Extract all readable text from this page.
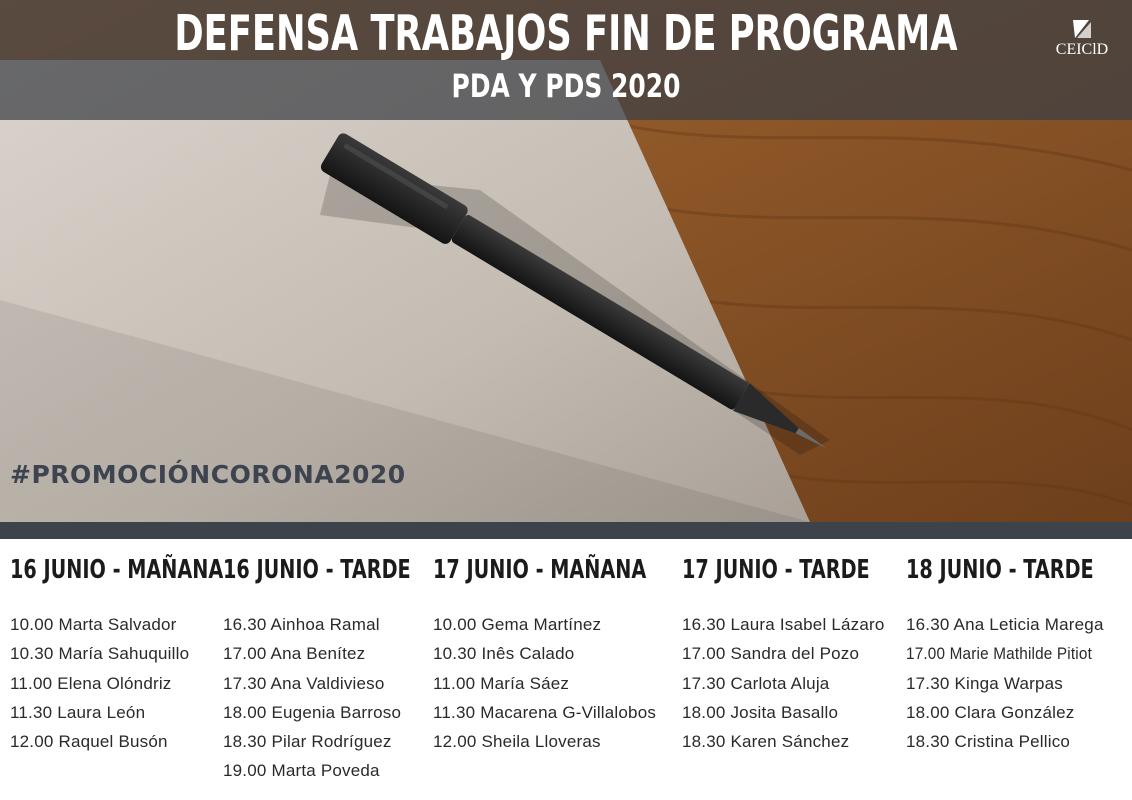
DEFENSA TRABAJOS FIN DE PROGRAMA
PDA Y PDS 2020
CEIClD
#PROMOCIÓNCORONA2020
16 JUNIO - MAÑANA
10.00 Marta Salvador
10.30 María Sahuquillo
11.00 Elena Olóndriz
11.30 Laura León
12.00 Raquel Busón
16 JUNIO - TARDE
16.30 Ainhoa Ramal
17.00 Ana Benítez
17.30 Ana Valdivieso
18.00 Eugenia Barroso
18.30 Pilar Rodríguez
19.00 Marta Poveda
17 JUNIO - MAÑANA
10.00 Gema Martínez
10.30 Inês Calado
11.00 María Sáez
11.30 Macarena G-Villalobos
12.00 Sheila Lloveras
17 JUNIO - TARDE
16.30 Laura Isabel Lázaro
17.00 Sandra del Pozo
17.30 Carlota Aluja
18.00 Josita Basallo
18.30 Karen Sánchez
18 JUNIO - TARDE
16.30 Ana Leticia Marega
17.00 Marie Mathilde Pitiot
17.30 Kinga Warpas
18.00 Clara González
18.30 Cristina Pellico
